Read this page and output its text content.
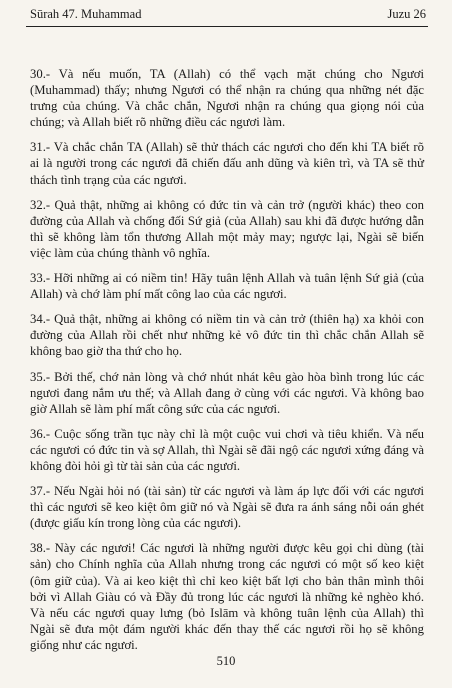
Sūrah 47. Muhammad	Juzu 26

30.- Và nếu muốn, TA (Allah) có thể vạch mặt chúng cho Ngươi (Muhammad) thấy; nhưng Ngươi có thể nhận ra chúng qua những nét đặc trưng của chúng. Và chắc chắn, Ngươi nhận ra chúng qua giọng nói của chúng; và Allah biết rõ những điều các ngươi làm.

31.- Và chắc chắn TA (Allah) sẽ thử thách các ngươi cho đến khi TA biết rõ ai là người trong các ngươi đã chiến đấu anh dũng và kiên trì, và TA sẽ thử thách tình trạng của các ngươi.

32.- Quả thật, những ai không có đức tin và cản trở (người khác) theo con đường của Allah và chống đối Sứ giả (của Allah) sau khi đã được hướng dẫn thì sẽ không làm tổn thương Allah một mảy may; ngược lại, Ngài sẽ biến việc làm của chúng thành vô nghĩa.

33.- Hỡi những ai có niềm tin! Hãy tuân lệnh Allah và tuân lệnh Sứ giả (của Allah) và chớ làm phí mất công lao của các ngươi.

34.- Quả thật, những ai không có niềm tin và cản trở (thiên hạ) xa khỏi con đường của Allah rồi chết như những kẻ vô đức tin thì chắc chắn Allah sẽ không bao giờ tha thứ cho họ.

35.- Bởi thế, chớ nản lòng và chớ nhút nhát kêu gào hòa bình trong lúc các ngươi đang nắm ưu thế; và Allah đang ở cùng với các ngươi. Và không bao giờ Allah sẽ làm phí mất công sức của các ngươi.

36.- Cuộc sống trần tục này chỉ là một cuộc vui chơi và tiêu khiển. Và nếu các ngươi có đức tin và sợ Allah, thì Ngài sẽ đãi ngộ các ngươi xứng đáng và không đòi hỏi gì từ tài sản của các ngươi.

37.- Nếu Ngài hỏi nó (tài sản) từ các ngươi và làm áp lực đối với các ngươi thì các ngươi sẽ keo kiệt ôm giữ nó và Ngài sẽ đưa ra ánh sáng nỗi oán ghét (được giấu kín trong lòng của các ngươi).

38.- Này các ngươi! Các ngươi là những người được kêu gọi chi dùng (tài sản) cho Chính nghĩa của Allah nhưng trong các ngươi có một số keo kiệt (ôm giữ của). Và ai keo kiệt thì chỉ keo kiệt bất lợi cho bản thân mình thôi bởi vì Allah Giàu có và Đầy đủ trong lúc các ngươi là những kẻ nghèo khó. Và nếu các ngươi quay lưng (bỏ Islām và không tuân lệnh của Allah) thì Ngài sẽ đưa một đám người khác đến thay thế các ngươi rồi họ sẽ không giống như các ngươi.

510
